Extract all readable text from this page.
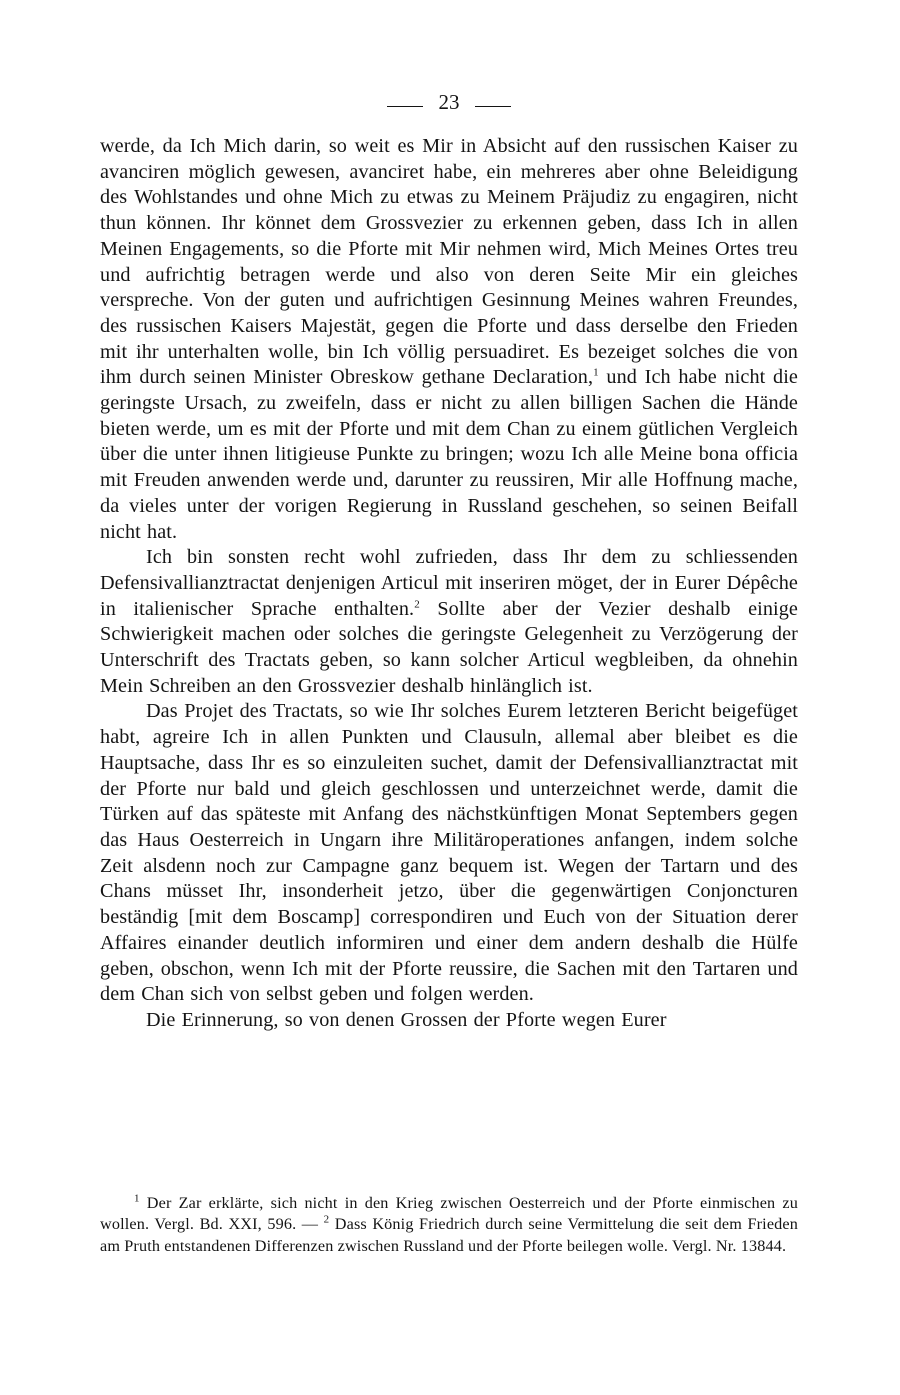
23

werde, da Ich Mich darin, so weit es Mir in Absicht auf den russischen Kaiser zu avanciren möglich gewesen, avanciret habe, ein mehreres aber ohne Beleidigung des Wohlstandes und ohne Mich zu etwas zu Meinem Präjudiz zu engagiren, nicht thun können. Ihr könnet dem Grossvezier zu erkennen geben, dass Ich in allen Meinen Engagements, so die Pforte mit Mir nehmen wird, Mich Meines Ortes treu und aufrichtig betragen werde und also von deren Seite Mir ein gleiches verspreche. Von der guten und aufrichtigen Gesinnung Meines wahren Freundes, des russischen Kaisers Majestät, gegen die Pforte und dass derselbe den Frieden mit ihr unterhalten wolle, bin Ich völlig persuadiret. Es bezeiget solches die von ihm durch seinen Minister Obreskow gethane Declaration,$^1$ und Ich habe nicht die geringste Ursach, zu zweifeln, dass er nicht zu allen billigen Sachen die Hände bieten werde, um es mit der Pforte und mit dem Chan zu einem gütlichen Vergleich über die unter ihnen litigieuse Punkte zu bringen; wozu Ich alle Meine bona officia mit Freuden anwenden werde und, darunter zu reussiren, Mir alle Hoffnung mache, da vieles unter der vorigen Regierung in Russland geschehen, so seinen Beifall nicht hat.

Ich bin sonsten recht wohl zufrieden, dass Ihr dem zu schliessenden Defensivallianztractat denjenigen Articul mit inseriren möget, der in Eurer Dépêche in italienischer Sprache enthalten.$^2$ Sollte aber der Vezier deshalb einige Schwierigkeit machen oder solches die geringste Gelegenheit zu Verzögerung der Unterschrift des Tractats geben, so kann solcher Articul wegbleiben, da ohnehin Mein Schreiben an den Grossvezier deshalb hinlänglich ist.

Das Projet des Tractats, so wie Ihr solches Eurem letzteren Bericht beigefüget habt, agreire Ich in allen Punkten und Clausuln, allemal aber bleibet es die Hauptsache, dass Ihr es so einzuleiten suchet, damit der Defensivallianztractat mit der Pforte nur bald und gleich geschlossen und unterzeichnet werde, damit die Türken auf das späteste mit Anfang des nächstkünftigen Monat Septembers gegen das Haus Oesterreich in Ungarn ihre Militäroperationes anfangen, indem solche Zeit alsdenn noch zur Campagne ganz bequem ist. Wegen der Tartarn und des Chans müsset Ihr, insonderheit jetzo, über die gegenwärtigen Conjoncturen beständig [mit dem Boscamp] correspondiren und Euch von der Situation derer Affaires einander deutlich informiren und einer dem andern deshalb die Hülfe geben, obschon, wenn Ich mit der Pforte reussire, die Sachen mit den Tartaren und dem Chan sich von selbst geben und folgen werden.

Die Erinnerung, so von denen Grossen der Pforte wegen Eurer

$^1$ Der Zar erklärte, sich nicht in den Krieg zwischen Oesterreich und der Pforte einmischen zu wollen. Vergl. Bd. XXI, 596. — $^2$ Dass König Friedrich durch seine Vermittelung die seit dem Frieden am Pruth entstandenen Differenzen zwischen Russland und der Pforte beilegen wolle. Vergl. Nr. 13844.
